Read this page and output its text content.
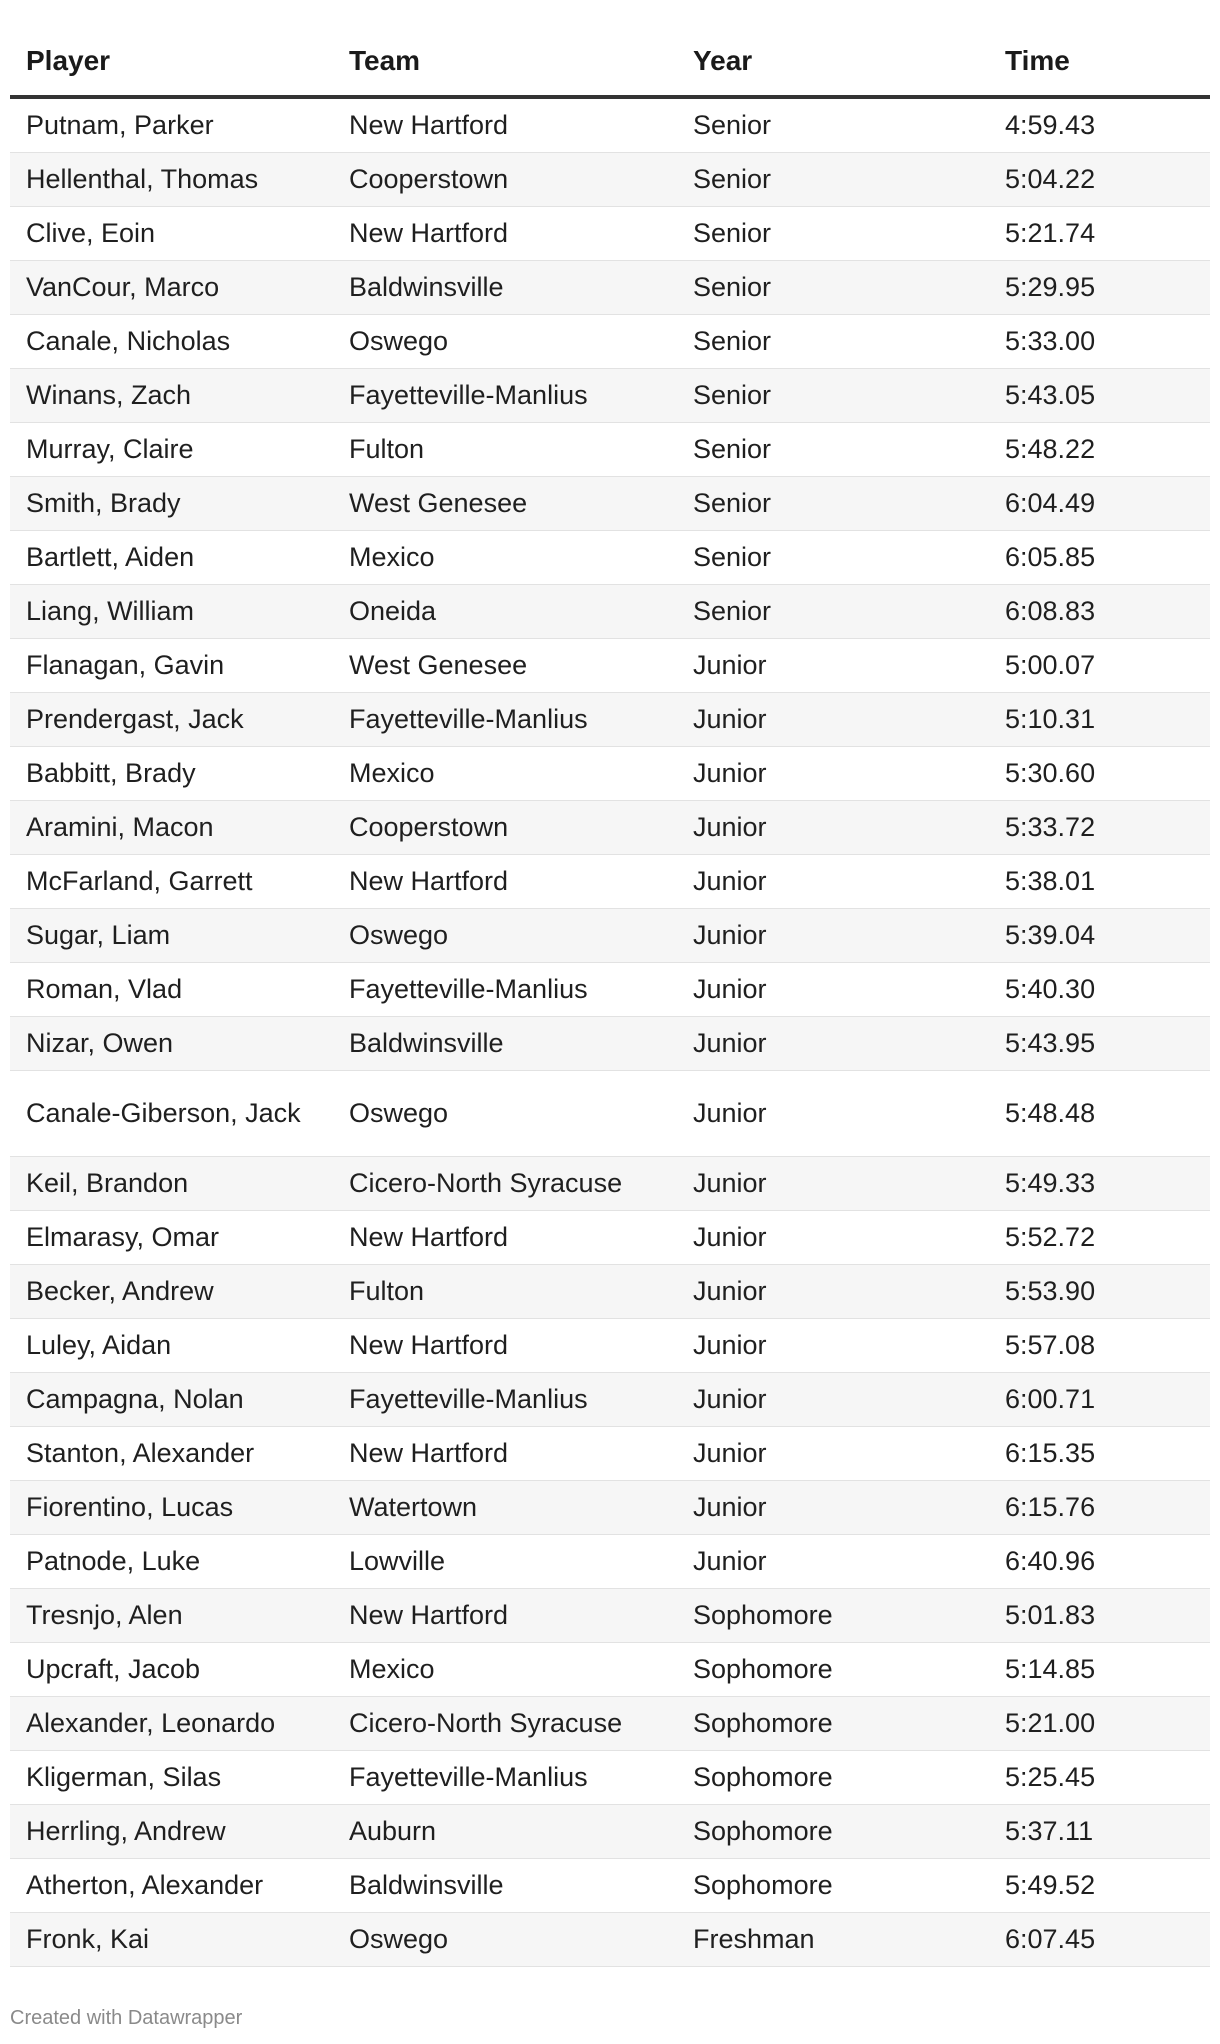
Player	Team	Year	Time
Putnam, Parker	New Hartford	Senior	4:59.43
Hellenthal, Thomas	Cooperstown	Senior	5:04.22
Clive, Eoin	New Hartford	Senior	5:21.74
VanCour, Marco	Baldwinsville	Senior	5:29.95
Canale, Nicholas	Oswego	Senior	5:33.00
Winans, Zach	Fayetteville-Manlius	Senior	5:43.05
Murray, Claire	Fulton	Senior	5:48.22
Smith, Brady	West Genesee	Senior	6:04.49
Bartlett, Aiden	Mexico	Senior	6:05.85
Liang, William	Oneida	Senior	6:08.83
Flanagan, Gavin	West Genesee	Junior	5:00.07
Prendergast, Jack	Fayetteville-Manlius	Junior	5:10.31
Babbitt, Brady	Mexico	Junior	5:30.60
Aramini, Macon	Cooperstown	Junior	5:33.72
McFarland, Garrett	New Hartford	Junior	5:38.01
Sugar, Liam	Oswego	Junior	5:39.04
Roman, Vlad	Fayetteville-Manlius	Junior	5:40.30
Nizar, Owen	Baldwinsville	Junior	5:43.95
Canale-Giberson, Jack	Oswego	Junior	5:48.48
Keil, Brandon	Cicero-North Syracuse	Junior	5:49.33
Elmarasy, Omar	New Hartford	Junior	5:52.72
Becker, Andrew	Fulton	Junior	5:53.90
Luley, Aidan	New Hartford	Junior	5:57.08
Campagna, Nolan	Fayetteville-Manlius	Junior	6:00.71
Stanton, Alexander	New Hartford	Junior	6:15.35
Fiorentino, Lucas	Watertown	Junior	6:15.76
Patnode, Luke	Lowville	Junior	6:40.96
Tresnjo, Alen	New Hartford	Sophomore	5:01.83
Upcraft, Jacob	Mexico	Sophomore	5:14.85
Alexander, Leonardo	Cicero-North Syracuse	Sophomore	5:21.00
Kligerman, Silas	Fayetteville-Manlius	Sophomore	5:25.45
Herrling, Andrew	Auburn	Sophomore	5:37.11
Atherton, Alexander	Baldwinsville	Sophomore	5:49.52
Fronk, Kai	Oswego	Freshman	6:07.45
Created with Datawrapper
